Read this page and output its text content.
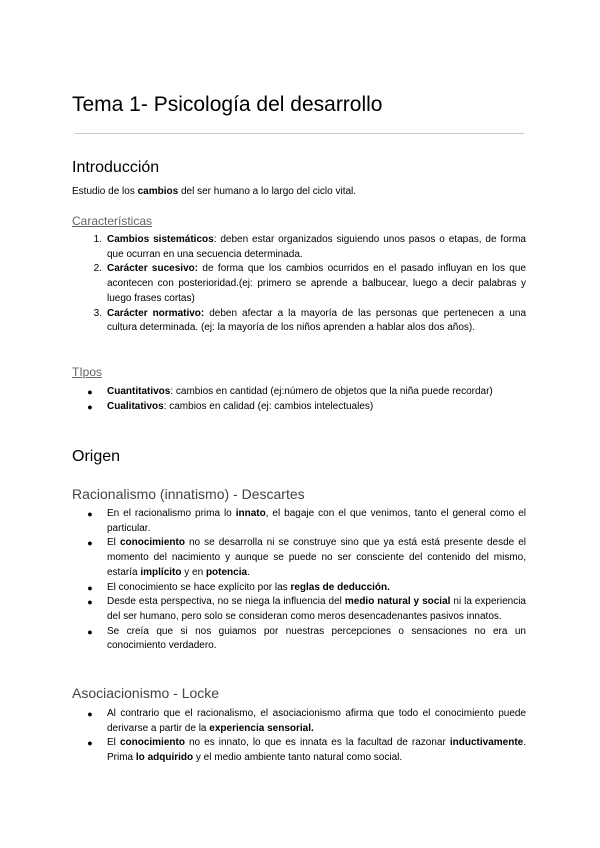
Tema 1- Psicología del desarrollo
Introducción

Estudio de los cambios del ser humano a lo largo del ciclo vital.

Características
1. Cambios sistemáticos: deben estar organizados siguiendo unos pasos o etapas, de forma que ocurran en una secuencia determinada.
2. Carácter sucesivo: de forma que los cambios ocurridos en el pasado influyan en los que acontecen con posterioridad.(ej: primero se aprende a balbucear, luego a decir palabras y luego frases cortas)
3. Carácter normativo: deben afectar a la mayoría de las personas que pertenecen a una cultura determinada. (ej: la mayoría de los niños aprenden a hablar alos dos años).
TIpos
● Cuantitativos: cambios en cantidad (ej:número de objetos que la niña puede recordar)
● Cualitativos: cambios en calidad (ej: cambios intelectuales)
Origen
Racionalismo (innatismo) - Descartes
● En el racionalismo prima lo innato, el bagaje con el que venimos, tanto el general como el particular.
● El conocimiento no se desarrolla ni se construye sino que ya está está presente desde el momento del nacimiento y aunque se puede no ser consciente del contenido del mismo, estaría implícito y en potencia.
● El conocimiento se hace explícito por las reglas de deducción.
● Desde esta perspectiva, no se niega la influencia del medio natural y social ni la experiencia del ser humano, pero solo se consideran como meros desencadenantes pasivos innatos.
● Se creía que si nos guiamos por nuestras percepciones o sensaciones no era un conocimiento verdadero.
Asociacionismo - Locke
● Al contrario que el racionalismo, el asociacionismo afirma que todo el conocimiento puede derivarse a partir de la experiencia sensorial.
● El conocimiento no es innato, lo que es innata es la facultad de razonar inductivamente. Prima lo adquirido y el medio ambiente tanto natural como social.
